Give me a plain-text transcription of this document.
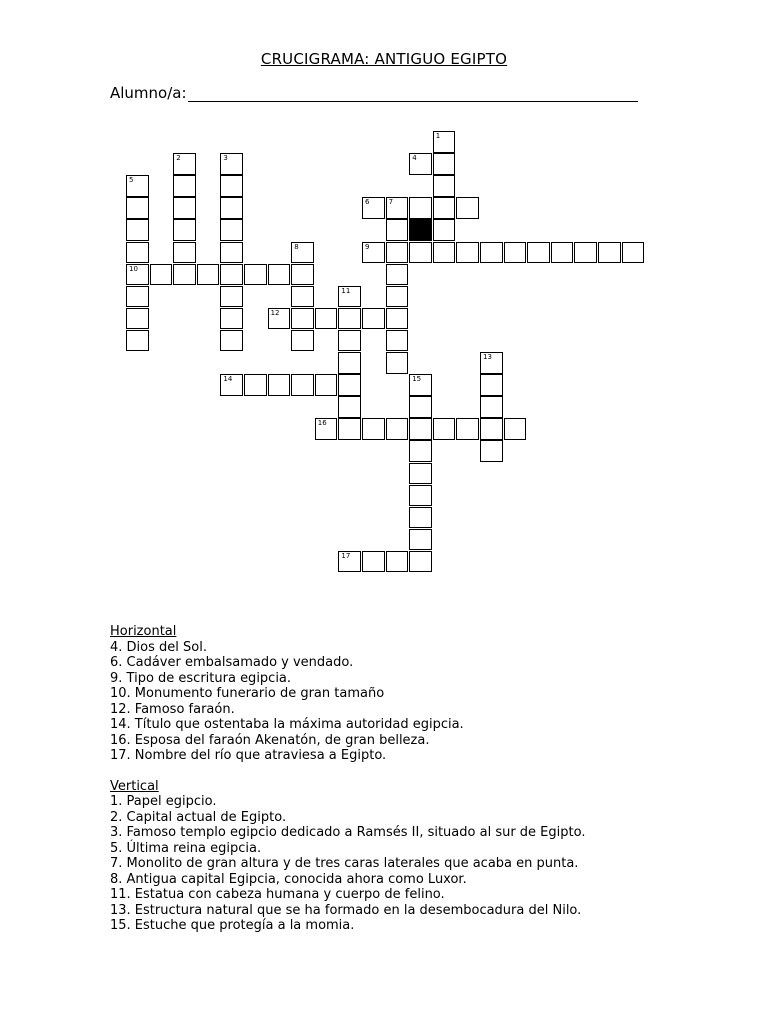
CRUCIGRAMA: ANTIGUO EGIPTO
Alumno/a:
1
4
2	3
5
10
6	7
9
8
11
12
14
13
15
16
17
Horizontal
4. Dios del Sol.
6. Cadáver embalsamado y vendado.
9. Tipo de escritura egipcia.
10. Monumento funerario de gran tamaño
12. Famoso faraón.
14. Título que ostentaba la máxima autoridad egipcia.
16. Esposa del faraón Akenatón, de gran belleza.
17. Nombre del río que atraviesa a Egipto.
Vertical
1. Papel egipcio.
2. Capital actual de Egipto.
3. Famoso templo egipcio dedicado a Ramsés II, situado al sur de Egipto.
5. Última reina egipcia.
7. Monolito de gran altura y de tres caras laterales que acaba en punta.
8. Antigua capital Egipcia, conocida ahora como Luxor.
11. Estatua con cabeza humana y cuerpo de felino.
13. Estructura natural que se ha formado en la desembocadura del Nilo.
15. Estuche que protegía a la momia.
